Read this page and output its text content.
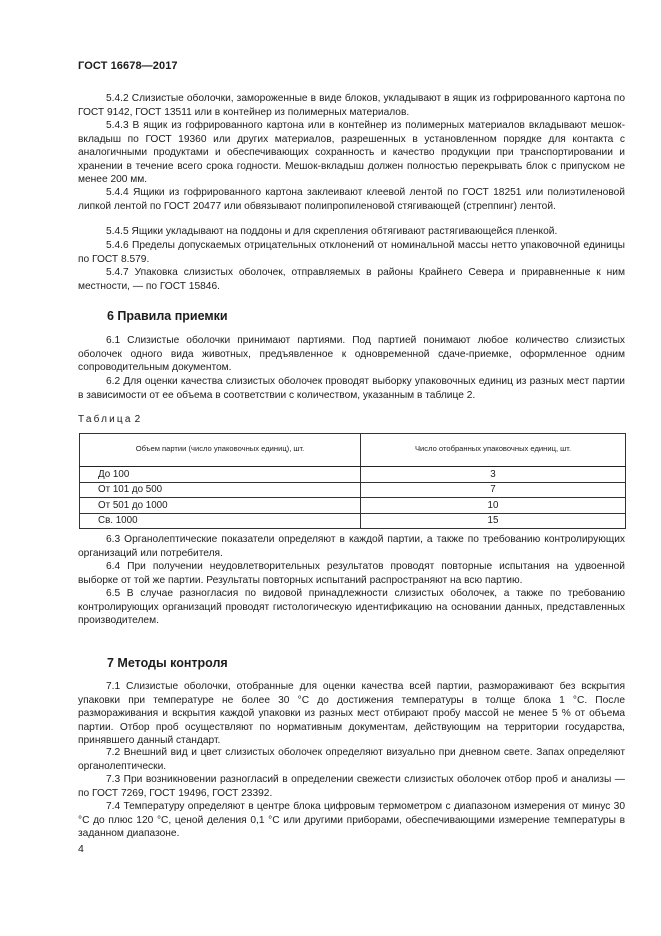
ГОСТ 16678—2017
5.4.2 Слизистые оболочки, замороженные в виде блоков, укладывают в ящик из гофрированного картона по ГОСТ 9142, ГОСТ 13511 или в контейнер из полимерных материалов.
5.4.3 В ящик из гофрированного картона или в контейнер из полимерных материалов вкладывают мешок-вкладыш по ГОСТ 19360 или других материалов, разрешенных в установленном порядке для контакта с аналогичными продуктами и обеспечивающих сохранность и качество продукции при транспортировании и хранении в течение всего срока годности. Мешок-вкладыш должен полностью перекрывать блок с припуском не менее 200 мм.
5.4.4 Ящики из гофрированного картона заклеивают клеевой лентой по ГОСТ 18251 или полиэтиленовой липкой лентой по ГОСТ 20477 или обвязывают полипропиленовой стягивающей (стреппинг) лентой.
5.4.5 Ящики укладывают на поддоны и для скрепления обтягивают растягивающейся пленкой.
5.4.6 Пределы допускаемых отрицательных отклонений от номинальной массы нетто упаковочной единицы по ГОСТ 8.579.
5.4.7 Упаковка слизистых оболочек, отправляемых в районы Крайнего Севера и приравненные к ним местности, — по ГОСТ 15846.
6 Правила приемки
6.1 Слизистые оболочки принимают партиями. Под партией понимают любое количество слизистых оболочек одного вида животных, предъявленное к одновременной сдаче-приемке, оформленное одним сопроводительным документом.
6.2 Для оценки качества слизистых оболочек проводят выборку упаковочных единиц из разных мест партии в зависимости от ее объема в соответствии с количеством, указанным в таблице 2.
Таблица 2
Объем партии (число упаковочных единиц), шт.	Число отобранных упаковочных единиц, шт.
До 100	3
От 101 до 500	7
От 501 до 1000	10
Св. 1000	15
6.3 Органолептические показатели определяют в каждой партии, а также по требованию контролирующих организаций или потребителя.
6.4 При получении неудовлетворительных результатов проводят повторные испытания на удвоенной выборке от той же партии. Результаты повторных испытаний распространяют на всю партию.
6.5 В случае разногласия по видовой принадлежности слизистых оболочек, а также по требованию контролирующих организаций проводят гистологическую идентификацию на основании данных, представленных производителем.
7 Методы контроля
7.1 Слизистые оболочки, отобранные для оценки качества всей партии, размораживают без вскрытия упаковки при температуре не более 30 °С до достижения температуры в толще блока 1 °С. После размораживания и вскрытия каждой упаковки из разных мест отбирают пробу массой не менее 5 % от объема партии. Отбор проб осуществляют по нормативным документам, действующим на территории государства, принявшего данный стандарт.
7.2 Внешний вид и цвет слизистых оболочек определяют визуально при дневном свете. Запах определяют органолептически.
7.3 При возникновении разногласий в определении свежести слизистых оболочек отбор проб и анализы — по ГОСТ 7269, ГОСТ 19496, ГОСТ 23392.
7.4 Температуру определяют в центре блока цифровым термометром с диапазоном измерения от минус 30 °С до плюс 120 °С, ценой деления 0,1 °С или другими приборами, обеспечивающими измерение температуры в заданном диапазоне.
4
